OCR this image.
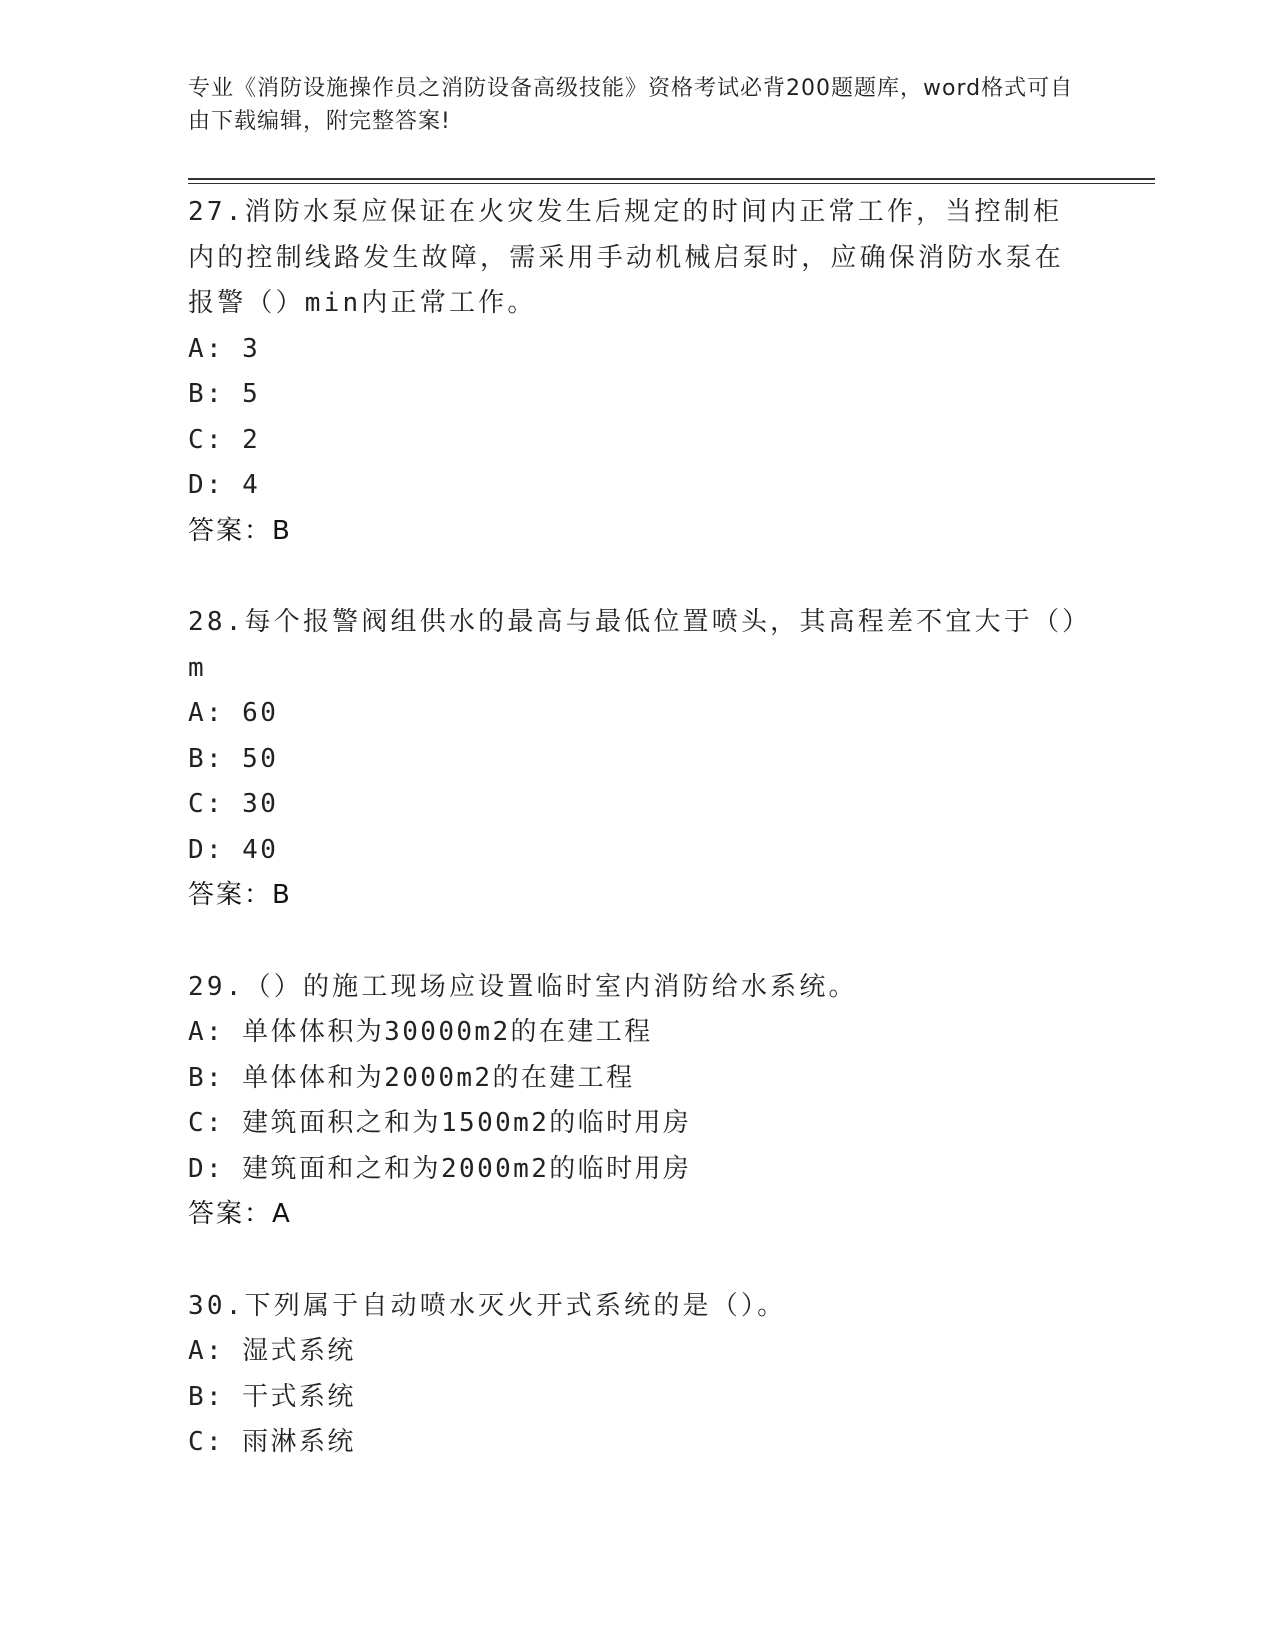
专业《消防设施操作员之消防设备高级技能》资格考试必背200题题库，word格式可自由下载编辑，附完整答案!
27.消防水泵应保证在火灾发生后规定的时间内正常工作，当控制柜内的控制线路发生故障，需采用手动机械启泵时，应确保消防水泵在报警（）min内正常工作。
A: 3
B: 5
C: 2
D: 4
答案：B
28.每个报警阀组供水的最高与最低位置喷头，其高程差不宜大于（）m
A: 60
B: 50
C: 30
D: 40
答案：B
29.（）的施工现场应设置临时室内消防给水系统。
A: 单体体积为30000m2的在建工程
B: 单体体和为2000m2的在建工程
C: 建筑面积之和为1500m2的临时用房
D: 建筑面和之和为2000m2的临时用房
答案：A
30.下列属于自动喷水灭火开式系统的是（）。
A: 湿式系统
B: 干式系统
C: 雨淋系统
